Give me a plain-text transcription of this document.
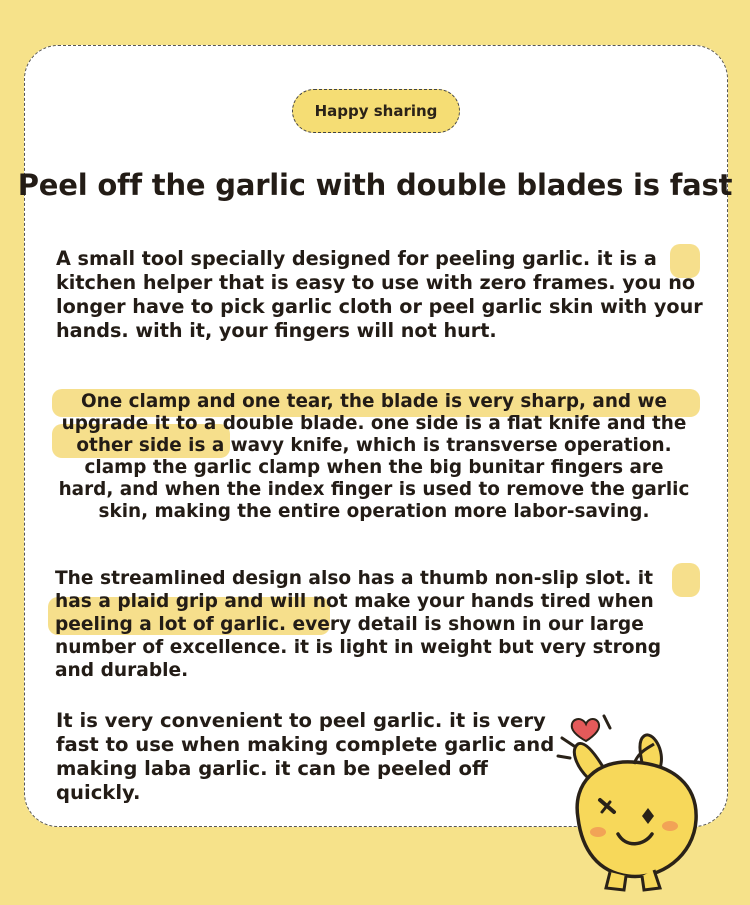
Happy sharing
Peel off the garlic with double blades is fast

A small tool specially designed for peeling garlic. it is a kitchen helper that is easy to use with zero frames. you no longer have to pick garlic cloth or peel garlic skin with your hands. with it, your fingers will not hurt.

One clamp and one tear, the blade is very sharp, and we upgrade it to a double blade. one side is a flat knife and the other side is a wavy knife, which is transverse operation. clamp the garlic clamp when the big bunitar fingers are hard, and when the index finger is used to remove the garlic skin, making the entire operation more labor-saving.

The streamlined design also has a thumb non-slip slot. it has a plaid grip and will not make your hands tired when peeling a lot of garlic. every detail is shown in our large number of excellence. it is light in weight but very strong and durable.

It is very convenient to peel garlic. it is very fast to use when making complete garlic and making laba garlic. it can be peeled off quickly.
